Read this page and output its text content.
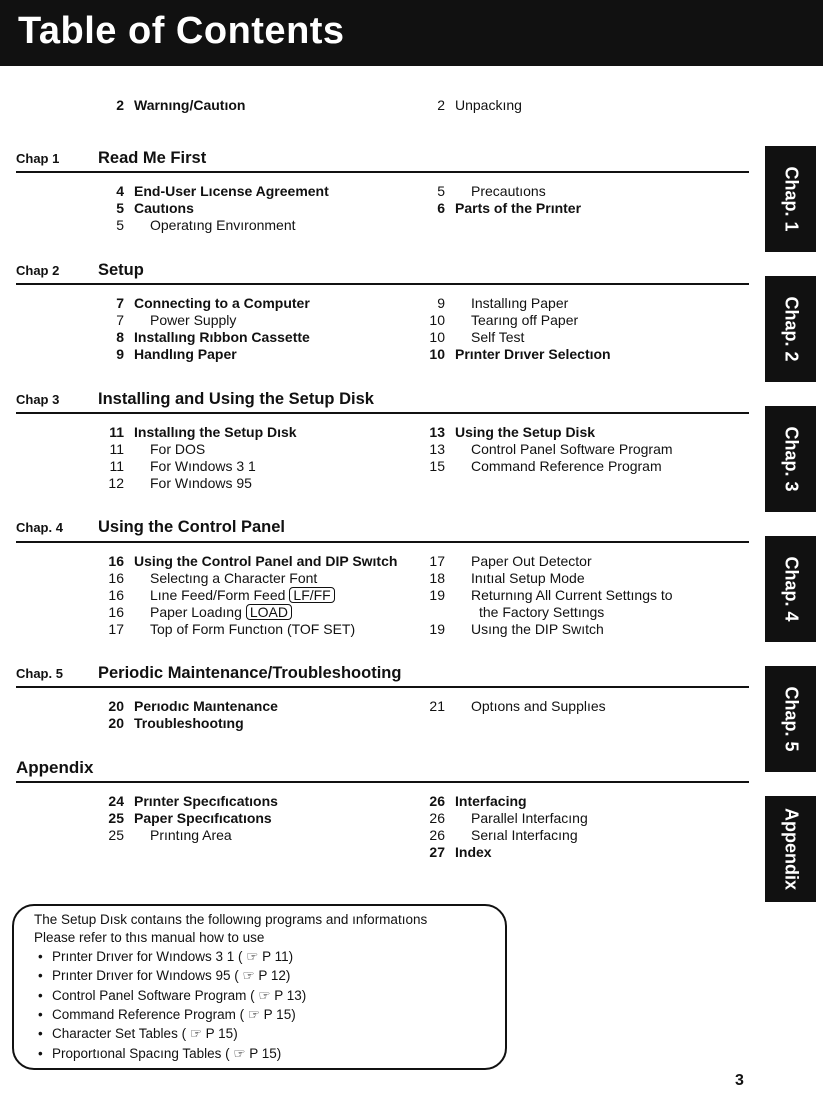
Table of Contents
2 Warnıng/Cautıon	2 Unpackıng
Chap 1 Read Me First
4 End-User Lıcense Agreement
5 Cautıons
5 Operatıng Envıronment
5 Precautıons
6 Parts of the Prınter
Chap 2 Setup
7 Connecting to a Computer
7 Power Supply
8 Installıng Rıbbon Cassette
9 Handlıng Paper
9 Installıng Paper
10 Tearıng off Paper
10 Self Test
10 Prınter Drıver Selectıon
Chap 3 Installing and Using the Setup Disk
11 Installıng the Setup Dısk
11 For DOS
11 For Wındows 3 1
12 For Wındows 95
13 Using the Setup Disk
13 Control Panel Software Program
15 Command Reference Program
Chap. 4 Using the Control Panel
16 Using the Control Panel and DIP Swıtch
16 Selectıng a Character Font
16 Lıne Feed/Form Feed LF/FF
16 Paper Loadıng LOAD
17 Top of Form Functıon (TOF SET)
17 Paper Out Detector
18 Inıtıal Setup Mode
19 Returnıng All Current Settıngs to
the Factory Settıngs
19 Usıng the DIP Swıtch
Chap. 5 Periodic Maintenance/Troubleshooting
20 Perıodıc Maıntenance
20 Troubleshootıng
21 Optıons and Supplıes
Appendix
24 Prınter Specıfıcatıons
25 Paper Specıfıcatıons
25 Prıntıng Area
26 Interfacing
26 Parallel Interfacıng
26 Serıal Interfacıng
27 Index
Chap. 1
Chap. 2
Chap. 3
Chap. 4
Chap. 5
Appendix
The Setup Dısk contaıns the followıng programs and ınformatıons
Please refer to thıs manual how to use
• Prınter Drıver for Wındows 3 1 ( ☞ P 11)
• Prınter Drıver for Wındows 95 ( ☞ P 12)
• Control Panel Software Program ( ☞ P 13)
• Command Reference Program ( ☞ P 15)
• Character Set Tables ( ☞ P 15)
• Proportıonal Spacıng Tables ( ☞ P 15)
3
